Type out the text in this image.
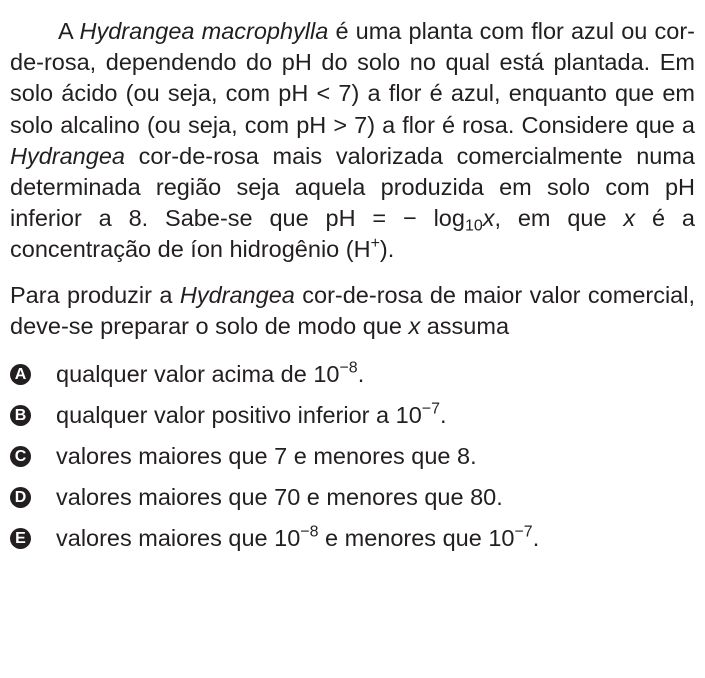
A Hydrangea macrophylla é uma planta com flor azul ou cor-de-rosa, dependendo do pH do solo no qual está plantada. Em solo ácido (ou seja, com pH < 7) a flor é azul, enquanto que em solo alcalino (ou seja, com pH > 7) a flor é rosa. Considere que a Hydrangea cor-de-rosa mais valorizada comercialmente numa determinada região seja aquela produzida em solo com pH inferior a 8. Sabe-se que pH = − $\log_{10}x$, em que x é a concentração de íon hidrogênio (H+).

Para produzir a Hydrangea cor-de-rosa de maior valor comercial, deve-se preparar o solo de modo que x assuma

A qualquer valor acima de $10^{-8}$.
B qualquer valor positivo inferior a $10^{-7}$.
C valores maiores que 7 e menores que 8.
D valores maiores que 70 e menores que 80.
E valores maiores que $10^{-8}$ e menores que $10^{-7}$.
